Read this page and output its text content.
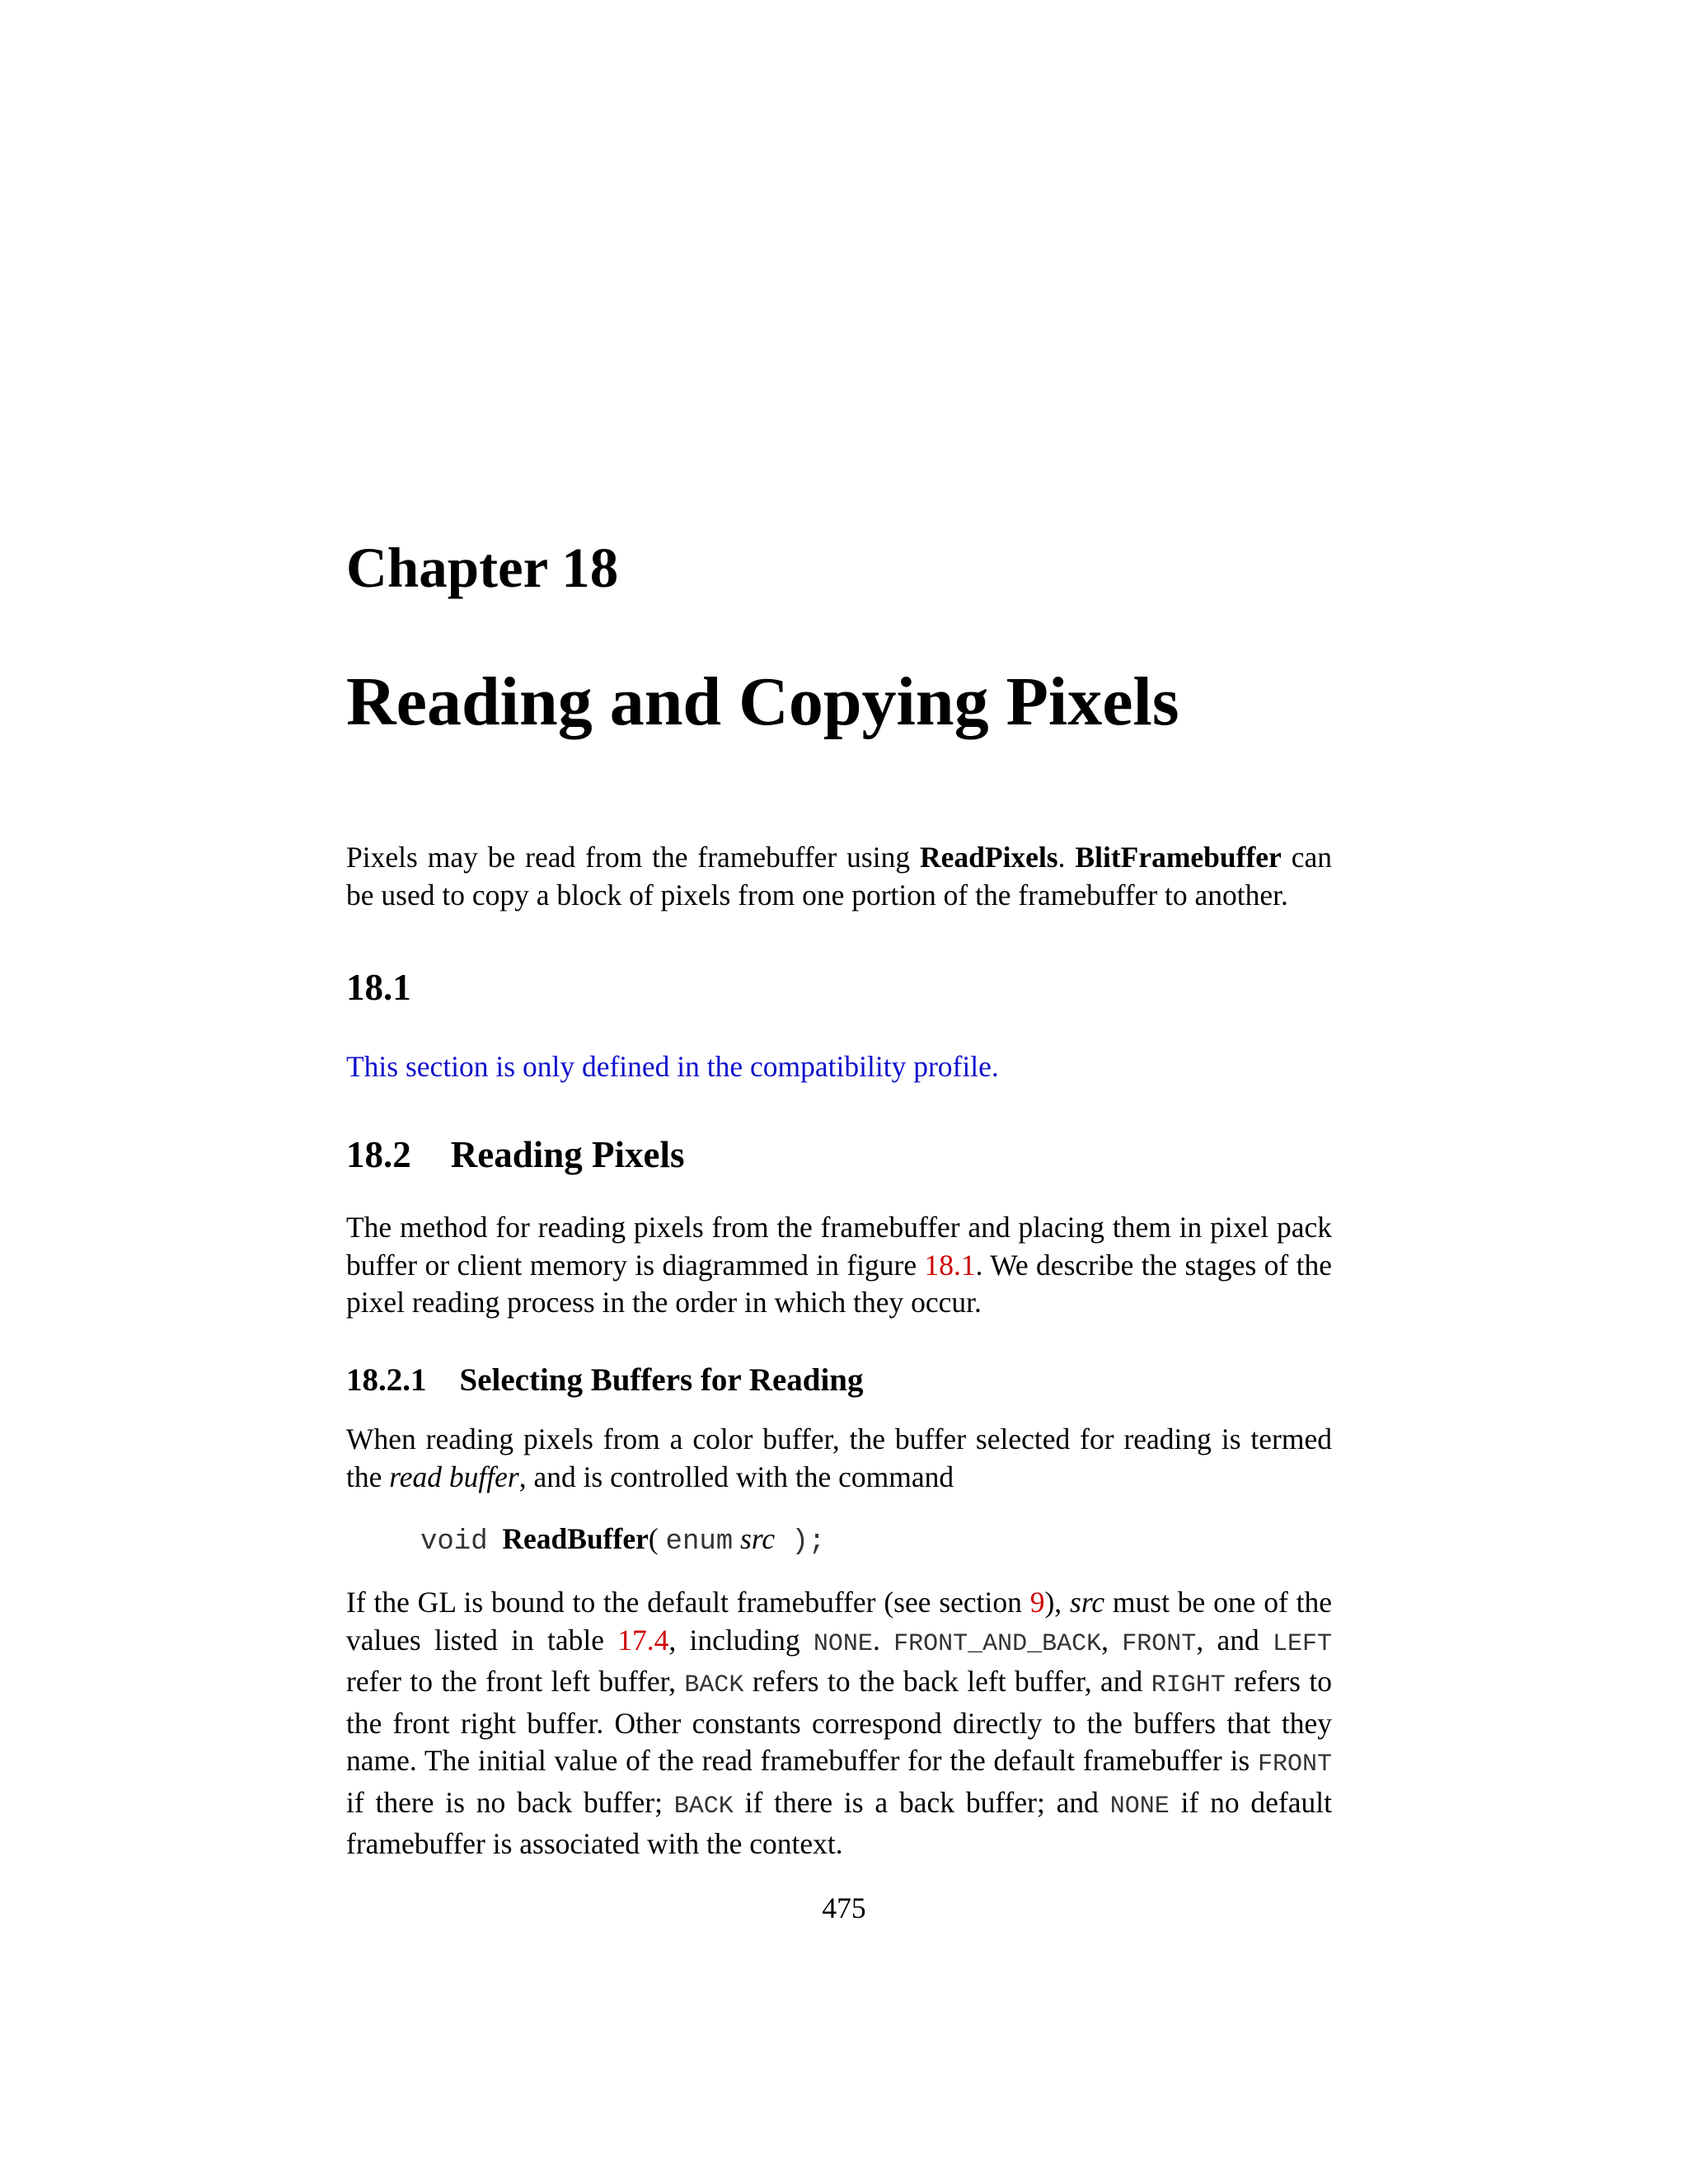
Chapter 18
Reading and Copying Pixels

Pixels may be read from the framebuffer using ReadPixels. BlitFramebuffer can be used to copy a block of pixels from one portion of the framebuffer to another.

18.1
This section is only defined in the compatibility profile.
18.2 Reading Pixels

The method for reading pixels from the framebuffer and placing them in pixel pack buffer or client memory is diagrammed in figure 18.1. We describe the stages of the pixel reading process in the order in which they occur.

18.2.1 Selecting Buffers for Reading

When reading pixels from a color buffer, the buffer selected for reading is termed the read buffer, and is controlled with the command

void ReadBuffer( enum src );

If the GL is bound to the default framebuffer (see section 9), src must be one of the values listed in table 17.4, including NONE. FRONT_AND_BACK, FRONT, and LEFT refer to the front left buffer, BACK refers to the back left buffer, and RIGHT refers to the front right buffer. Other constants correspond directly to the buffers that they name. The initial value of the read framebuffer for the default framebuffer is FRONT if there is no back buffer; BACK if there is a back buffer; and NONE if no default framebuffer is associated with the context.

475
